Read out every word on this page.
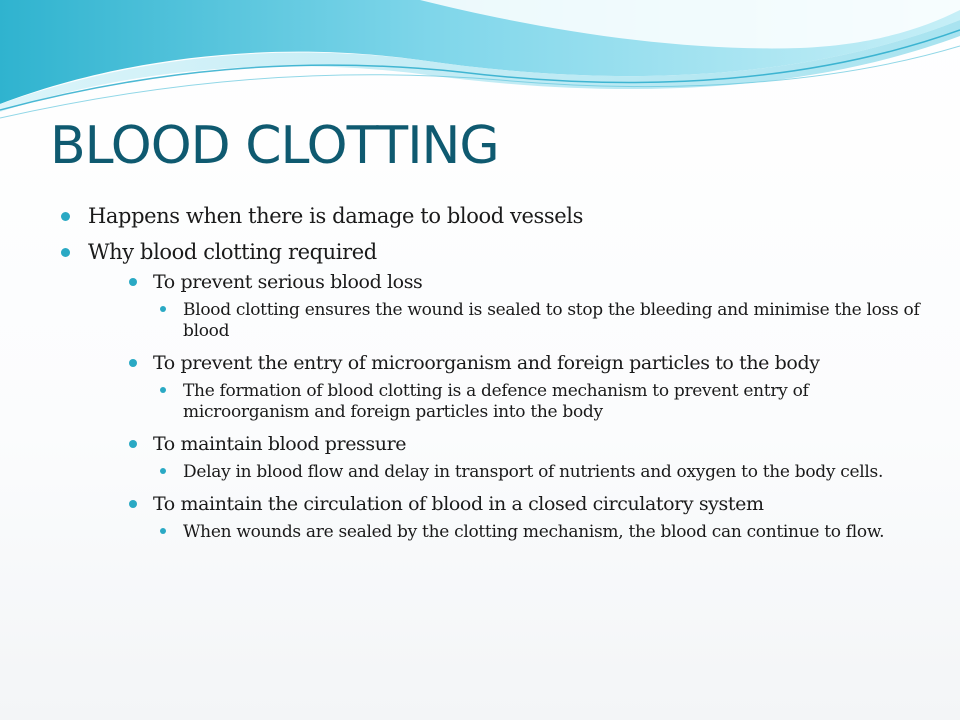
BLOOD CLOTTING
Happens when there is damage to blood vessels
Why blood clotting required
To prevent serious blood loss
Blood clotting ensures the wound is sealed to stop the bleeding and minimise the loss of blood
To prevent the entry of microorganism and foreign particles to the body
The formation of blood clotting is a defence mechanism to prevent entry of microorganism and foreign particles into the body
To maintain blood pressure
Delay in blood flow and delay in transport of nutrients and oxygen to the body cells.
To maintain the circulation of blood in a closed circulatory system
When wounds are sealed by the clotting mechanism, the blood can continue to flow.
